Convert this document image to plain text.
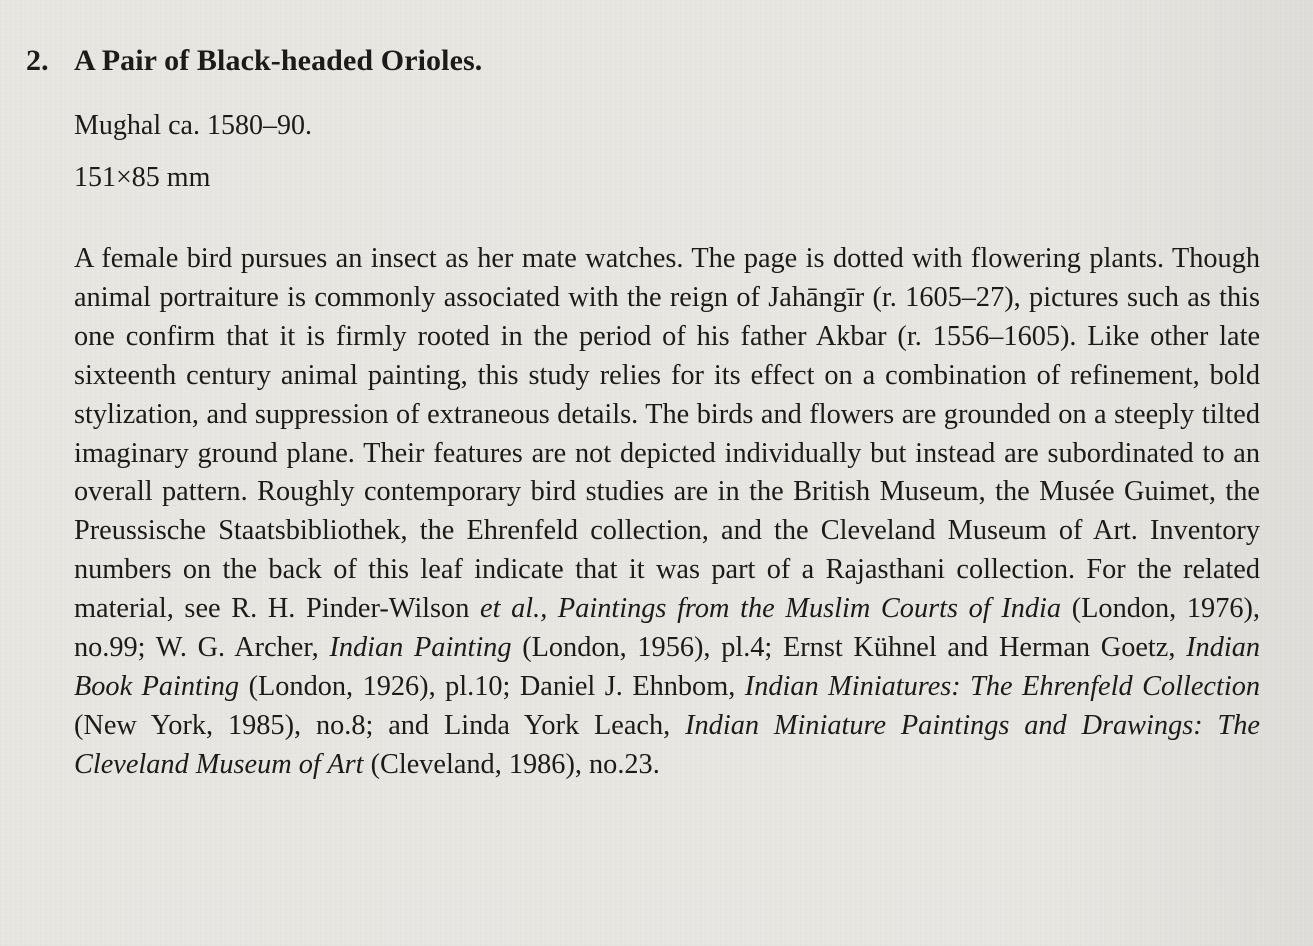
2. A Pair of Black-headed Orioles.
Mughal ca. 1580–90.
151×85 mm
A female bird pursues an insect as her mate watches. The page is dotted with flowering plants. Though animal portraiture is commonly associated with the reign of Jahāngīr (r. 1605–27), pictures such as this one confirm that it is firmly rooted in the period of his father Akbar (r. 1556–1605). Like other late sixteenth century animal painting, this study relies for its effect on a combination of refinement, bold stylization, and suppression of extraneous details. The birds and flowers are grounded on a steeply tilted imaginary ground plane. Their features are not depicted individually but instead are subordinated to an overall pattern. Roughly contemporary bird studies are in the British Museum, the Musée Guimet, the Preussische Staatsbibliothek, the Ehrenfeld collection, and the Cleveland Museum of Art. Inventory numbers on the back of this leaf indicate that it was part of a Rajasthani collection. For the related material, see R. H. Pinder-Wilson et al., Paintings from the Muslim Courts of India (London, 1976), no.99; W. G. Archer, Indian Painting (London, 1956), pl.4; Ernst Kühnel and Herman Goetz, Indian Book Painting (London, 1926), pl.10; Daniel J. Ehnbom, Indian Miniatures: The Ehrenfeld Collection (New York, 1985), no.8; and Linda York Leach, Indian Miniature Paintings and Drawings: The Cleveland Museum of Art (Cleveland, 1986), no.23.
